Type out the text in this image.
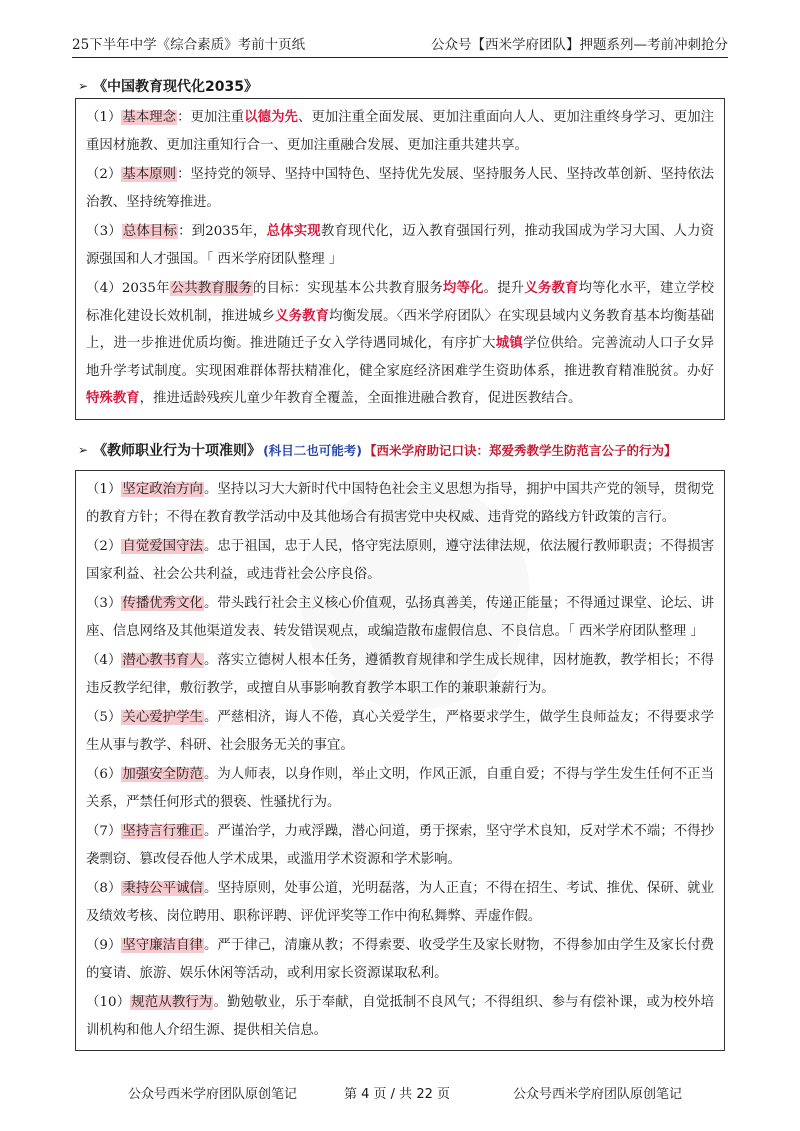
25下半年中学《综合素质》考前十页纸	公众号【西米学府团队】押题系列—考前冲刺抢分
➢ 《中国教育现代化2035》

（1）基本理念：更加注重以德为先、更加注重全面发展、更加注重面向人人、更加注重终身学习、更加注重因材施教、更加注重知行合一、更加注重融合发展、更加注重共建共享。

（2）基本原则：坚持党的领导、坚持中国特色、坚持优先发展、坚持服务人民、坚持改革创新、坚持依法治教、坚持统筹推进。

（3）总体目标：到2035年，总体实现教育现代化，迈入教育强国行列，推动我国成为学习大国、人力资源强国和人才强国。「 西米学府团队整理 」

（4）2035年公共教育服务的目标：实现基本公共教育服务均等化。提升义务教育均等化水平，建立学校标准化建设长效机制，推进城乡义务教育均衡发展。〈西米学府团队〉在实现县域内义务教育基本均衡基础上，进一步推进优质均衡。推进随迁子女入学待遇同城化，有序扩大城镇学位供给。完善流动人口子女异地升学考试制度。实现困难群体帮扶精准化，健全家庭经济困难学生资助体系，推进教育精准脱贫。办好特殊教育，推进适龄残疾儿童少年教育全覆盖，全面推进融合教育，促进医教结合。

➢ 《教师职业行为十项准则》 (科目二也可能考) 【西米学府助记口诀：郑爱秀教学生防范言公子的行为】

（1）坚定政治方向。坚持以习大大新时代中国特色社会主义思想为指导，拥护中国共产党的领导，贯彻党的教育方针；不得在教育教学活动中及其他场合有损害党中央权威、违背党的路线方针政策的言行。

（2）自觉爱国守法。忠于祖国，忠于人民，恪守宪法原则，遵守法律法规，依法履行教师职责；不得损害国家利益、社会公共利益，或违背社会公序良俗。

（3）传播优秀文化。带头践行社会主义核心价值观，弘扬真善美，传递正能量；不得通过课堂、论坛、讲座、信息网络及其他渠道发表、转发错误观点，或编造散布虚假信息、不良信息。「 西米学府团队整理 」

（4）潜心教书育人。落实立德树人根本任务，遵循教育规律和学生成长规律，因材施教，教学相长；不得违反教学纪律，敷衍教学，或擅自从事影响教育教学本职工作的兼职兼薪行为。

（5）关心爱护学生。严慈相济，诲人不倦，真心关爱学生，严格要求学生，做学生良师益友；不得要求学生从事与教学、科研、社会服务无关的事宜。

（6）加强安全防范。为人师表，以身作则，举止文明，作风正派，自重自爱；不得与学生发生任何不正当关系，严禁任何形式的猥亵、性骚扰行为。

（7）坚持言行雅正。严谨治学，力戒浮躁，潜心问道，勇于探索，坚守学术良知，反对学术不端；不得抄袭剽窃、篡改侵吞他人学术成果，或滥用学术资源和学术影响。

（8）秉持公平诚信。坚持原则，处事公道，光明磊落，为人正直；不得在招生、考试、推优、保研、就业及绩效考核、岗位聘用、职称评聘、评优评奖等工作中徇私舞弊、弄虚作假。

（9）坚守廉洁自律。严于律己，清廉从教；不得索要、收受学生及家长财物，不得参加由学生及家长付费的宴请、旅游、娱乐休闲等活动，或利用家长资源谋取私利。

（10）规范从教行为。勤勉敬业，乐于奉献，自觉抵制不良风气；不得组织、参与有偿补课，或为校外培训机构和他人介绍生源、提供相关信息。

公众号西米学府团队原创笔记	第 4 页 / 共 22 页	公众号西米学府团队原创笔记
